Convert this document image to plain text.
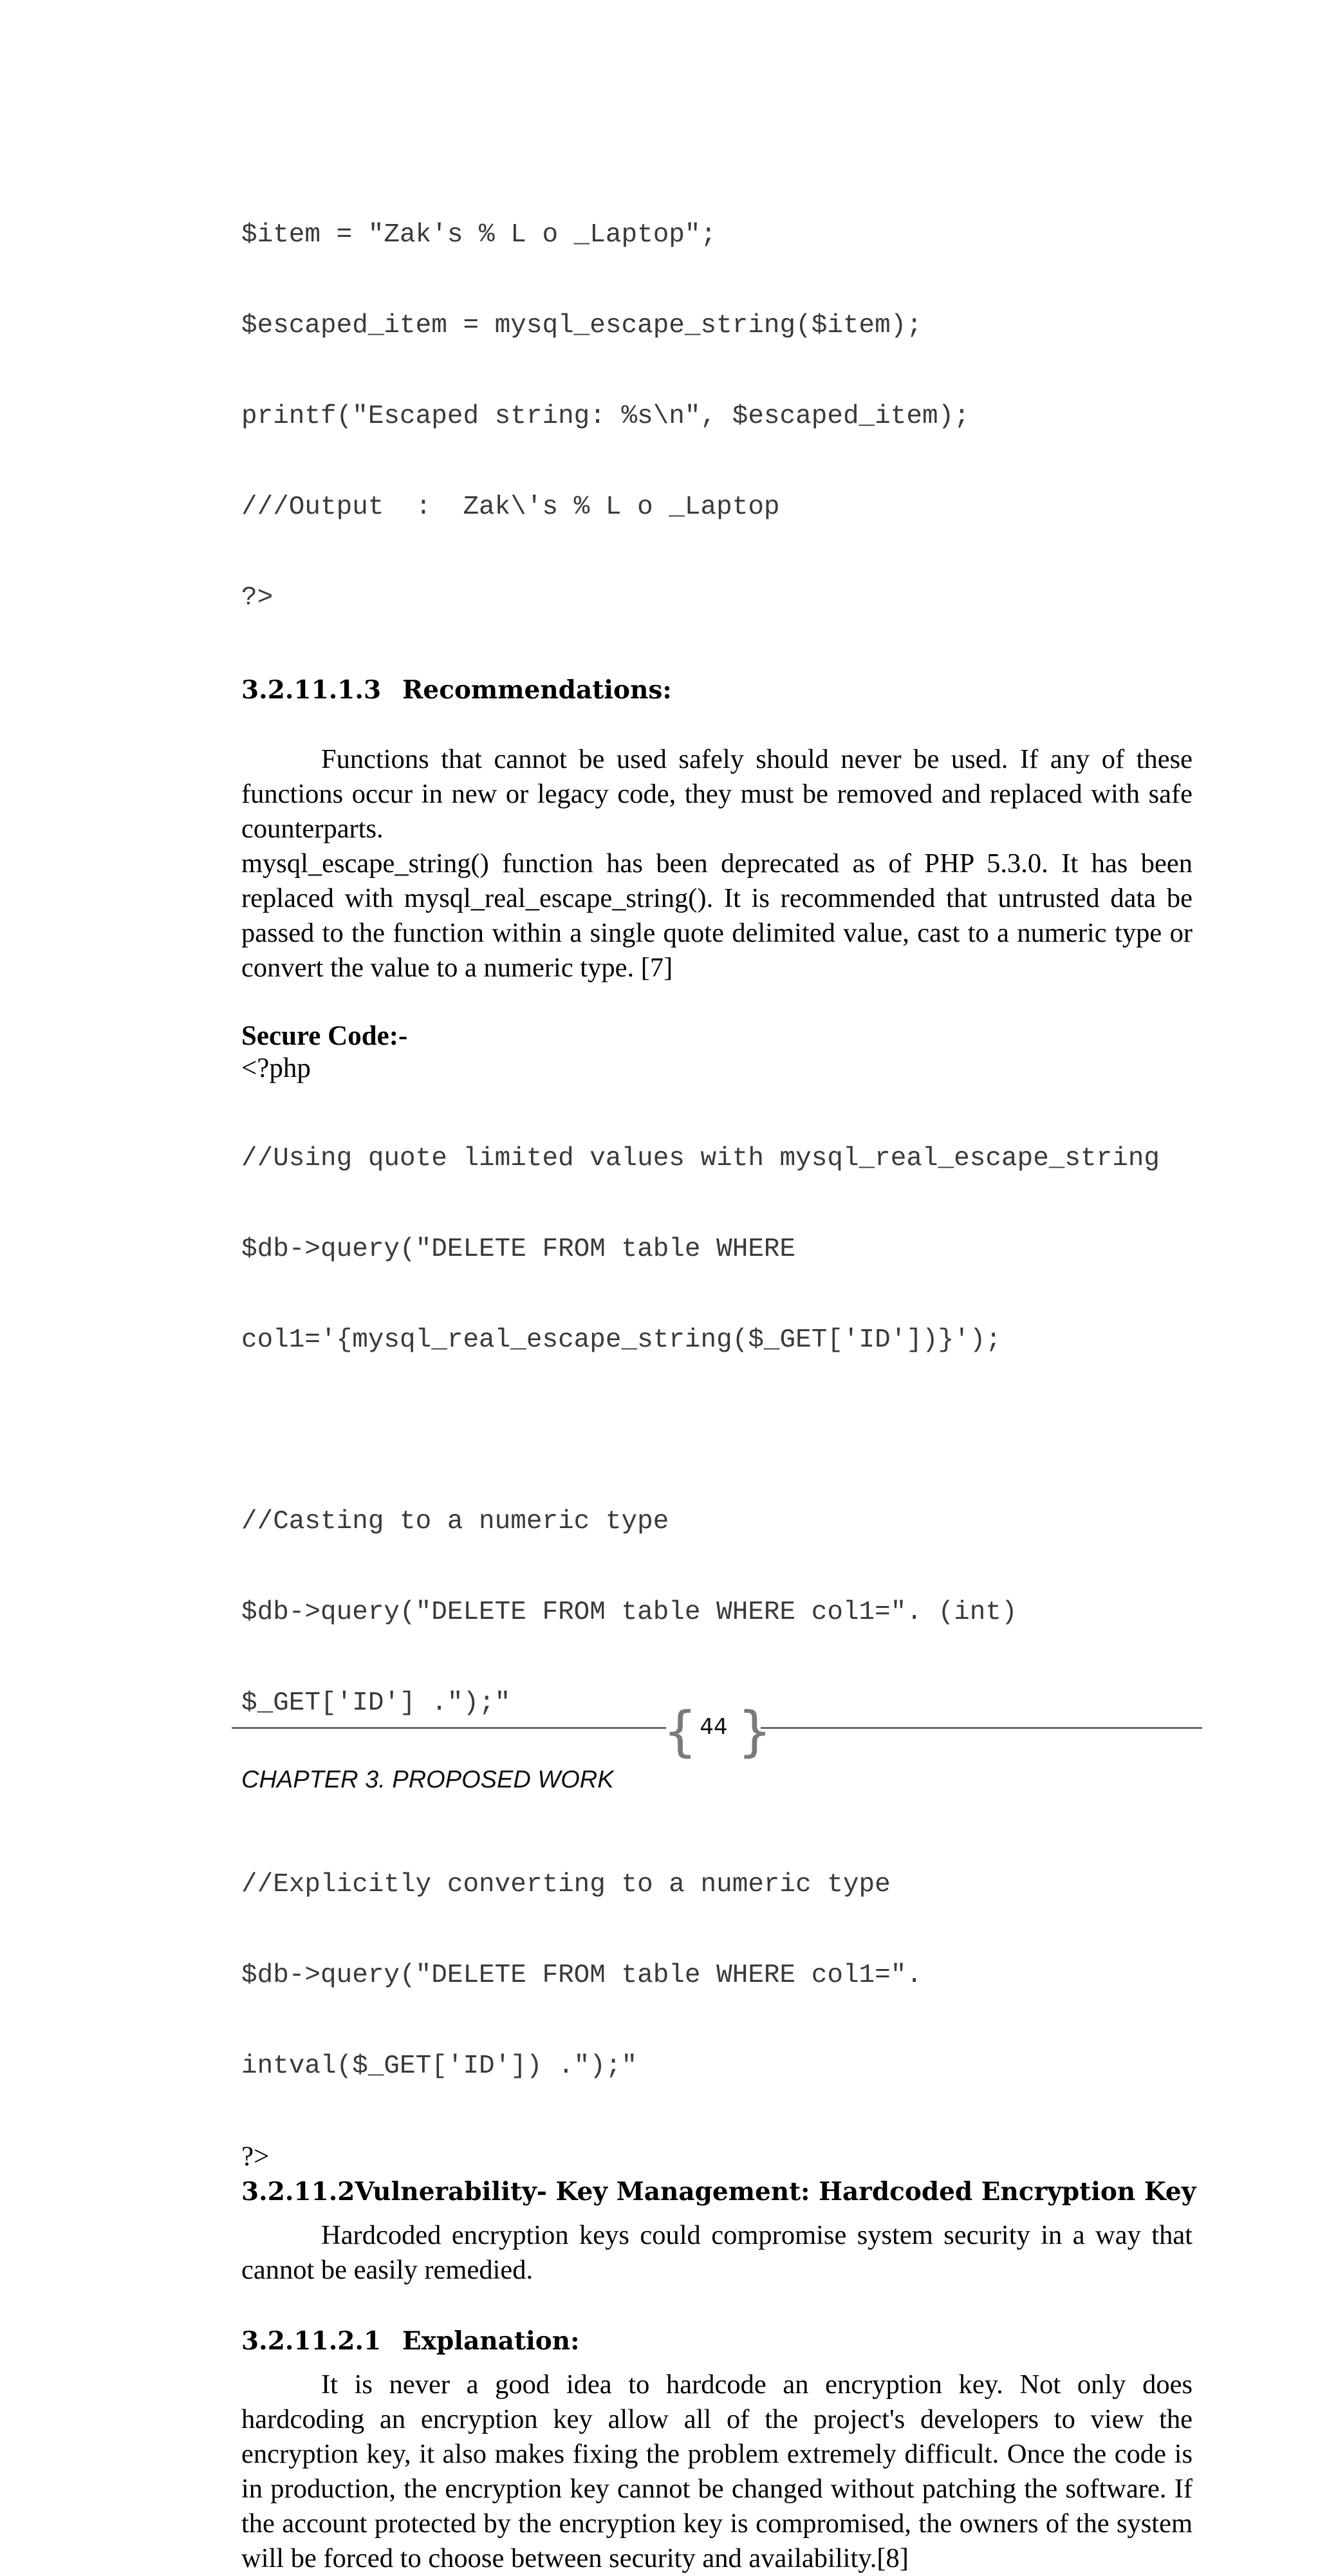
$item = "Zak's % L o _Laptop";

$escaped_item = mysql_escape_string($item);

printf("Escaped string: %s\n", $escaped_item);

///Output  :  Zak\'s % L o _Laptop

?>

3.2.11.1.3 Recommendations:

Functions that cannot be used safely should never be used. If any of these functions occur in new or legacy code, they must be removed and replaced with safe counterparts.

mysql_escape_string() function has been deprecated as of PHP 5.3.0. It has been replaced with mysql_real_escape_string(). It is recommended that untrusted data be passed to the function within a single quote delimited value, cast to a numeric type or convert the value to a numeric type. [7]

Secure Code:-
<?php

//Using quote limited values with mysql_real_escape_string

$db->query("DELETE FROM table WHERE

col1='{mysql_real_escape_string($_GET['ID'])}');

//Casting to a numeric type

$db->query("DELETE FROM table WHERE col1=". (int)

$_GET['ID'] .");"

//Explicitly converting to a numeric type

$db->query("DELETE FROM table WHERE col1=".

intval($_GET['ID']) .");"

?>
3.2.11.2 Vulnerability- Key Management: Hardcoded Encryption Key

Hardcoded encryption keys could compromise system security in a way that cannot be easily remedied.

3.2.11.2.1 Explanation:

It is never a good idea to hardcode an encryption key. Not only does hardcoding an encryption key allow all of the project's developers to view the encryption key, it also makes fixing the problem extremely difficult. Once the code is in production, the encryption key cannot be changed without patching the software. If the account protected by the encryption key is compromised, the owners of the system will be forced to choose between security and availability.[8]

{ }
44
CHAPTER 3. PROPOSED WORK
